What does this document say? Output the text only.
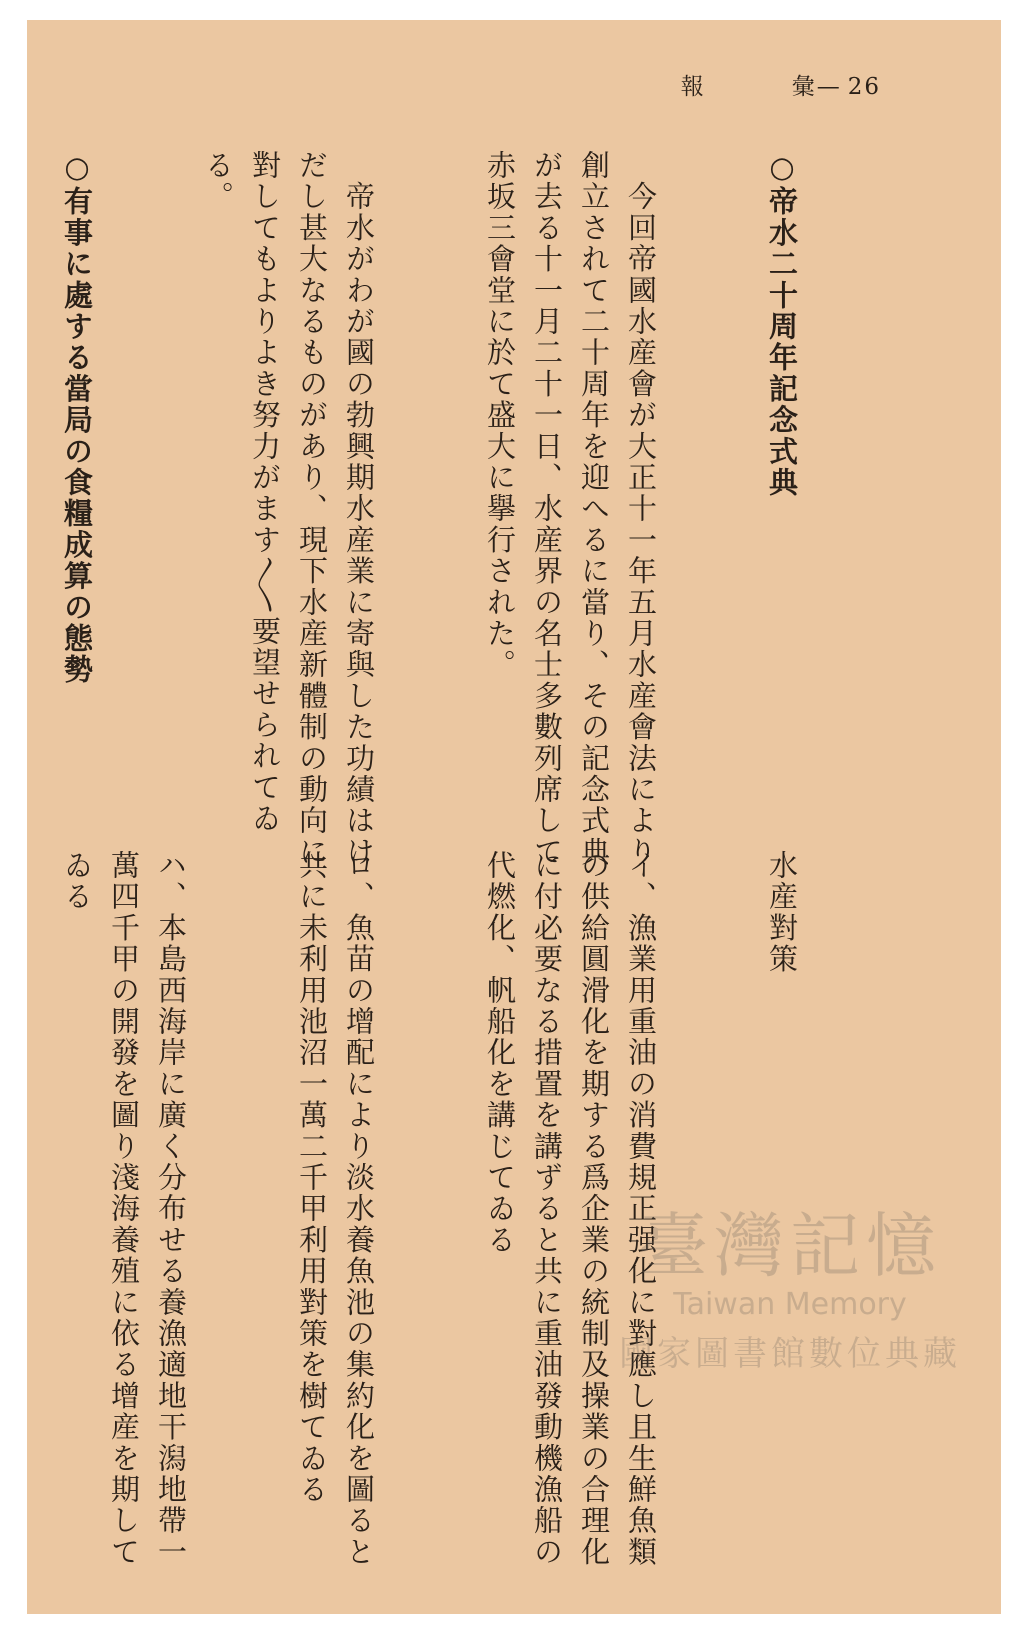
報	彙— 26

○帝水二十周年記念式典

　今回帝國水産會が大正十一年五月水産會法により創立されて二十周年を迎へるに當り、その記念式典が去る十一月二十一日、水産界の名士多數列席して赤坂三會堂に於て盛大に擧行された。

　帝水がわが國の勃興期水産業に寄與した功績はけだし甚大なるものがあり、現下水産新體制の動向に對してもよりよき努力がます〳〵要望せられてゐる。

○有事に處する當局の食糧成算の態勢

水産對策

イ、漁業用重油の消費規正强化に對應し且生鮮魚類の供給圓滑化を期する爲企業の統制及操業の合理化に付必要なる措置を講ずると共に重油發動機漁船の代燃化、帆船化を講じてゐる

ロ、魚苗の增配により淡水養魚池の集約化を圖ると共に未利用池沼一萬二千甲利用對策を樹てゐる

ハ、本島西海岸に廣く分布せる養漁適地干潟地帶一萬四千甲の開發を圖り淺海養殖に依る增産を期してゐる

臺灣記憶
Taiwan Memory
國家圖書館數位典藏
